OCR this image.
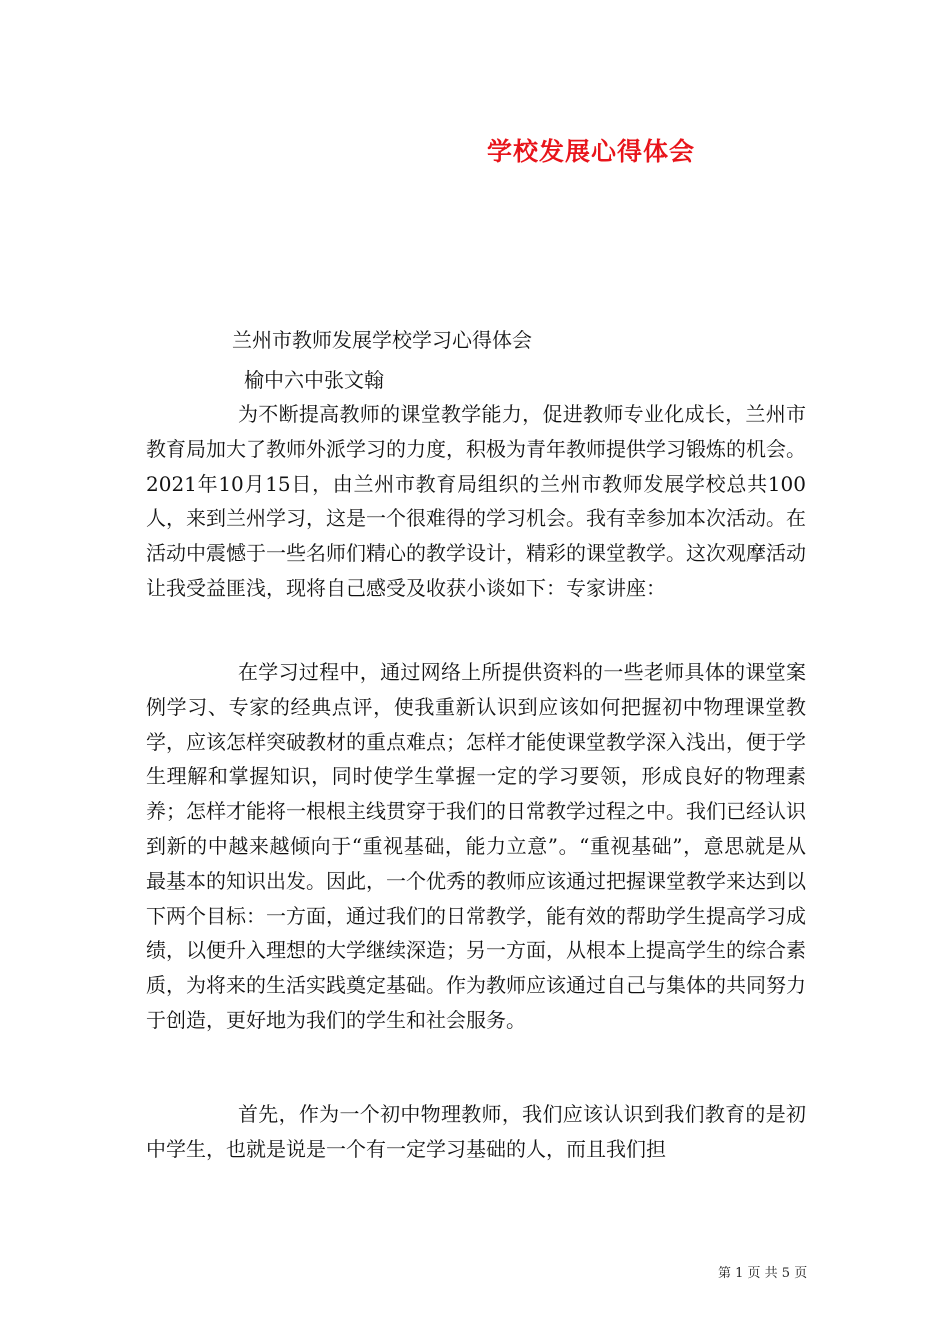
学校发展心得体会
兰州市教师发展学校学习心得体会
榆中六中张文翰

为不断提高教师的课堂教学能力，促进教师专业化成长，兰州市教育局加大了教师外派学习的力度，积极为青年教师提供学习锻炼的机会。2021年10月15日，由兰州市教育局组织的兰州市教师发展学校总共100人，来到兰州学习，这是一个很难得的学习机会。我有幸参加本次活动。在活动中震憾于一些名师们精心的教学设计，精彩的课堂教学。这次观摩活动让我受益匪浅，现将自己感受及收获小谈如下：专家讲座：

在学习过程中，通过网络上所提供资料的一些老师具体的课堂案例学习、专家的经典点评，使我重新认识到应该如何把握初中物理课堂教学，应该怎样突破教材的重点难点；怎样才能使课堂教学深入浅出，便于学生理解和掌握知识，同时使学生掌握一定的学习要领，形成良好的物理素养；怎样才能将一根根主线贯穿于我们的日常教学过程之中。我们已经认识到新的中越来越倾向于“重视基础，能力立意”。“重视基础”，意思就是从最基本的知识出发。因此，一个优秀的教师应该通过把握课堂教学来达到以下两个目标：一方面，通过我们的日常教学，能有效的帮助学生提高学习成绩，以便升入理想的大学继续深造；另一方面，从根本上提高学生的综合素质，为将来的生活实践奠定基础。作为教师应该通过自己与集体的共同努力于创造，更好地为我们的学生和社会服务。

首先，作为一个初中物理教师，我们应该认识到我们教育的是初中学生，也就是说是一个有一定学习基础的人，而且我们担

第 1 页 共 5 页
